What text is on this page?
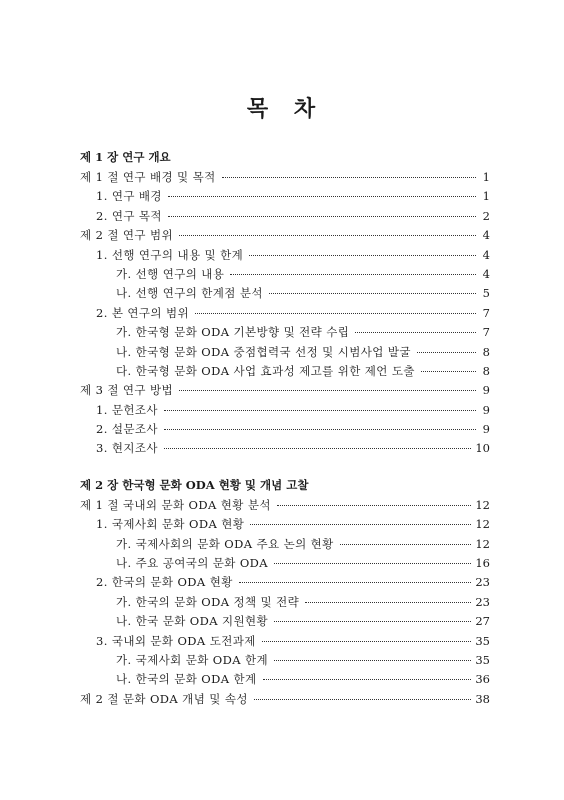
목 차
제 1 장 연구 개요
제 1 절 연구 배경 및 목적	1
1. 연구 배경	1
2. 연구 목적	2
제 2 절 연구 범위	4
1. 선행 연구의 내용 및 한계	4
가. 선행 연구의 내용	4
나. 선행 연구의 한계점 분석	5
2. 본 연구의 범위	7
가. 한국형 문화 ODA 기본방향 및 전략 수립	7
나. 한국형 문화 ODA 중점협력국 선정 및 시범사업 발굴	8
다. 한국형 문화 ODA 사업 효과성 제고를 위한 제언 도출	8
제 3 절 연구 방법	9
1. 문헌조사	9
2. 설문조사	9
3. 현지조사	10
제 2 장 한국형 문화 ODA 현황 및 개념 고찰
제 1 절 국내외 문화 ODA 현황 분석	12
1. 국제사회 문화 ODA 현황	12
가. 국제사회의 문화 ODA 주요 논의 현황	12
나. 주요 공여국의 문화 ODA	16
2. 한국의 문화 ODA 현황	23
가. 한국의 문화 ODA 정책 및 전략	23
나. 한국 문화 ODA 지원현황	27
3. 국내외 문화 ODA 도전과제	35
가. 국제사회 문화 ODA 한계	35
나. 한국의 문화 ODA 한계	36
제 2 절 문화 ODA 개념 및 속성	38
